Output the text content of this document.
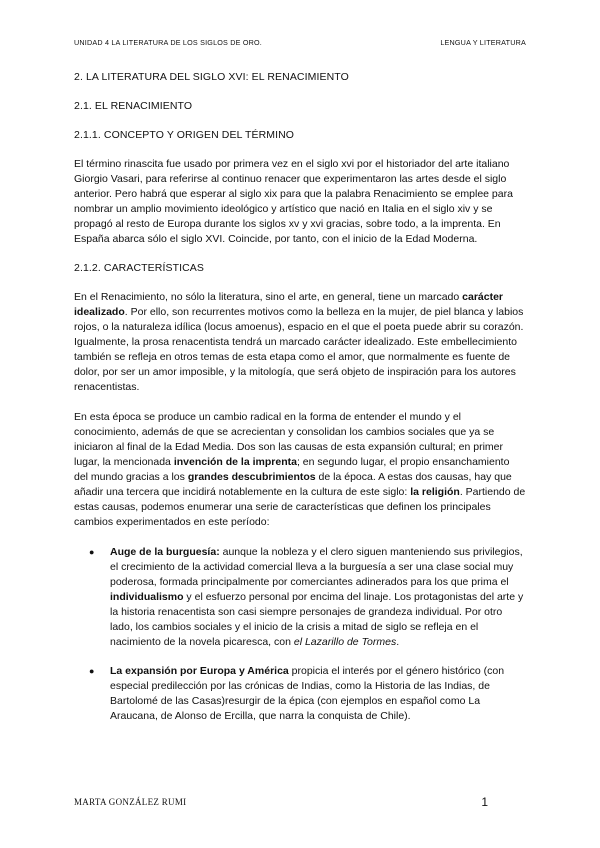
UNIDAD 4 LA LITERATURA DE LOS SIGLOS DE ORO.	LENGUA Y LITERATURA
2. LA LITERATURA DEL SIGLO XVI: EL RENACIMIENTO
2.1. EL RENACIMIENTO
2.1.1. CONCEPTO Y ORIGEN DEL TÉRMINO

El término rinascita fue usado por primera vez en el siglo xvi por el historiador del arte italiano Giorgio Vasari, para referirse al continuo renacer que experimentaron las artes desde el siglo anterior. Pero habrá que esperar al siglo xix para que la palabra Renacimiento se emplee para nombrar un amplio movimiento ideológico y artístico que nació en Italia en el siglo xiv y se propagó al resto de Europa durante los siglos xv y xvi gracias, sobre todo, a la imprenta. En España abarca sólo el siglo XVI. Coincide, por tanto, con el inicio de la Edad Moderna.

2.1.2. CARACTERÍSTICAS

En el Renacimiento, no sólo la literatura, sino el arte, en general, tiene un marcado carácter idealizado. Por ello, son recurrentes motivos como la belleza en la mujer, de piel blanca y labios rojos, o la naturaleza idílica (locus amoenus), espacio en el que el poeta puede abrir su corazón. Igualmente, la prosa renacentista tendrá un marcado carácter idealizado. Este embellecimiento también se refleja en otros temas de esta etapa como el amor, que normalmente es fuente de dolor, por ser un amor imposible, y la mitología, que será objeto de inspiración para los autores renacentistas.

En esta época se produce un cambio radical en la forma de entender el mundo y el conocimiento, además de que se acrecientan y consolidan los cambios sociales que ya se iniciaron al final de la Edad Media. Dos son las causas de esta expansión cultural; en primer lugar, la mencionada invención de la imprenta; en segundo lugar, el propio ensanchamiento del mundo gracias a los grandes descubrimientos de la época. A estas dos causas, hay que añadir una tercera que incidirá notablemente en la cultura de este siglo: la religión. Partiendo de estas causas, podemos enumerar una serie de características que definen los principales cambios experimentados en este período:

● Auge de la burguesía: aunque la nobleza y el clero siguen manteniendo sus privilegios, el crecimiento de la actividad comercial lleva a la burguesía a ser una clase social muy poderosa, formada principalmente por comerciantes adinerados para los que prima el individualismo y el esfuerzo personal por encima del linaje. Los protagonistas del arte y la historia renacentista son casi siempre personajes de grandeza individual. Por otro lado, los cambios sociales y el inicio de la crisis a mitad de siglo se refleja en el nacimiento de la novela picaresca, con el Lazarillo de Tormes.
● La expansión por Europa y América propicia el interés por el género histórico (con especial predilección por las crónicas de Indias, como la Historia de las Indias, de Bartolomé de las Casas)resurgir de la épica (con ejemplos en español como La Araucana, de Alonso de Ercilla, que narra la conquista de Chile).
MARTA GONZÁLEZ RUMI	1
